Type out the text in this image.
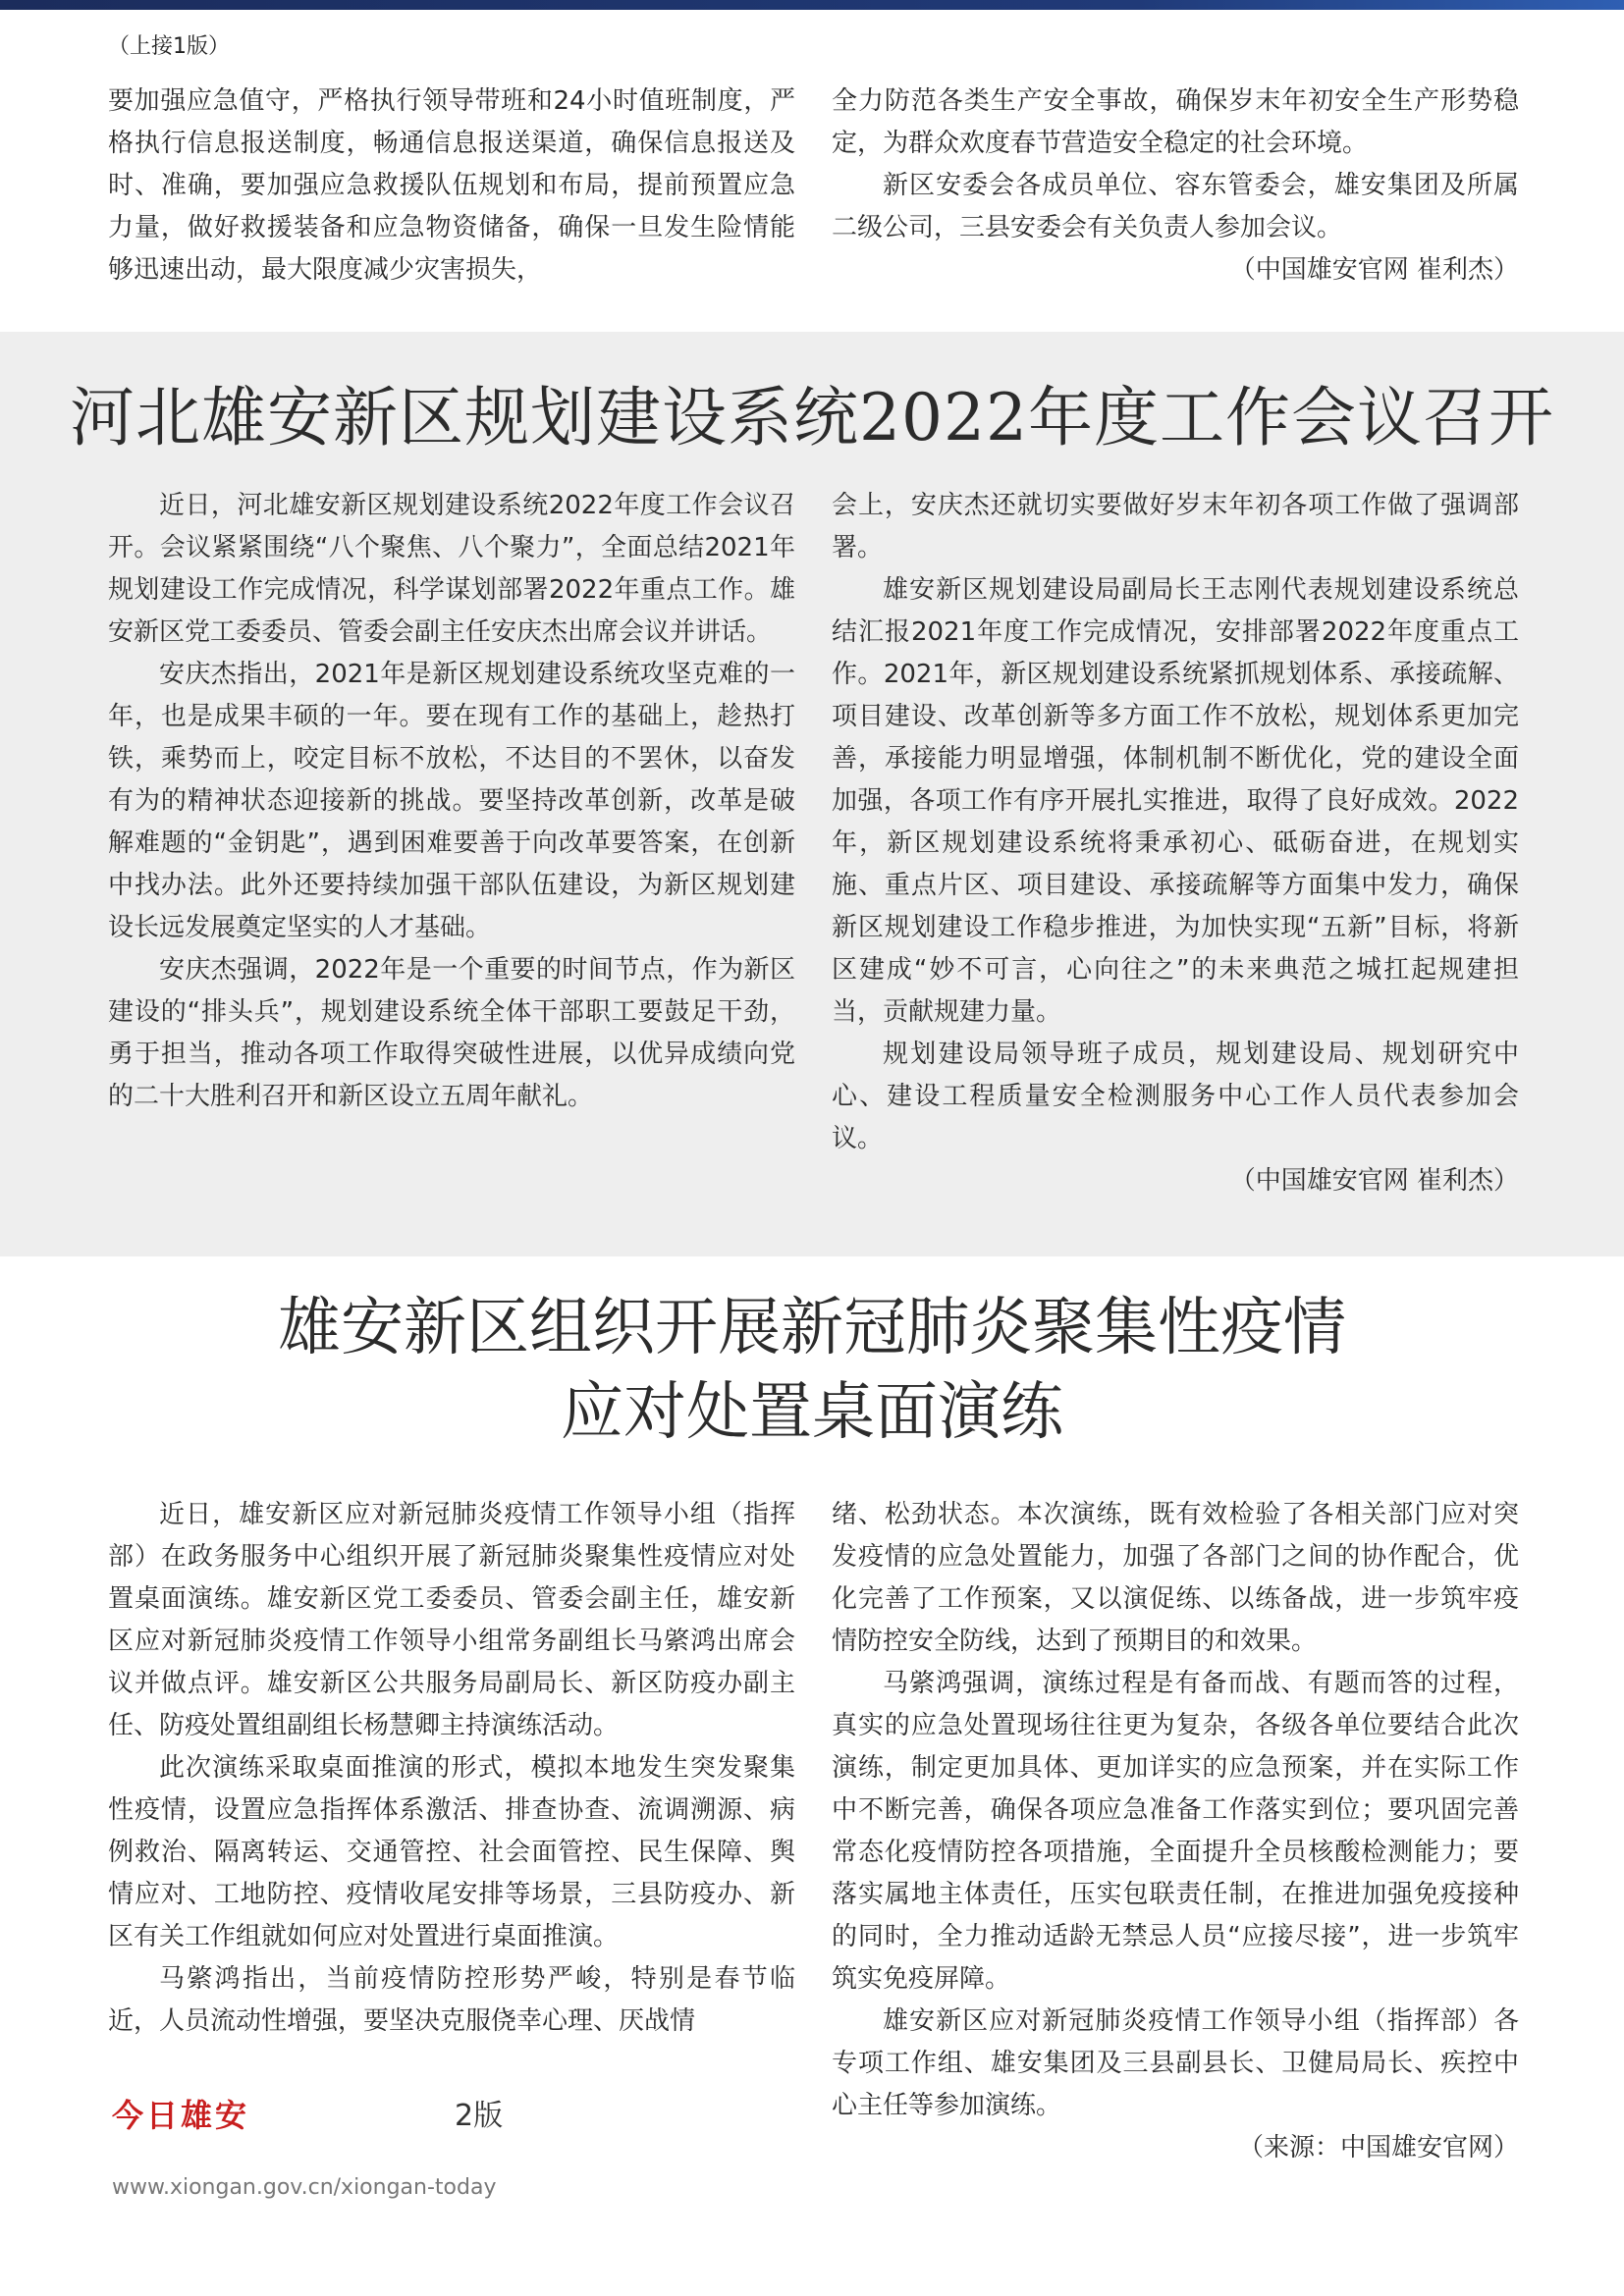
（上接1版）

要加强应急值守，严格执行领导带班和24小时值班制度，严格执行信息报送制度，畅通信息报送渠道，确保信息报送及时、准确，要加强应急救援队伍规划和布局，提前预置应急力量，做好救援装备和应急物资储备，确保一旦发生险情能够迅速出动，最大限度减少灾害损失，

全力防范各类生产安全事故，确保岁末年初安全生产形势稳定，为群众欢度春节营造安全稳定的社会环境。

新区安委会各成员单位、容东管委会，雄安集团及所属二级公司，三县安委会有关负责人参加会议。

（中国雄安官网 崔利杰）
河北雄安新区规划建设系统2022年度工作会议召开

近日，河北雄安新区规划建设系统2022年度工作会议召开。会议紧紧围绕“八个聚焦、八个聚力”，全面总结2021年规划建设工作完成情况，科学谋划部署2022年重点工作。雄安新区党工委委员、管委会副主任安庆杰出席会议并讲话。

安庆杰指出，2021年是新区规划建设系统攻坚克难的一年，也是成果丰硕的一年。要在现有工作的基础上，趁热打铁，乘势而上，咬定目标不放松，不达目的不罢休，以奋发有为的精神状态迎接新的挑战。要坚持改革创新，改革是破解难题的“金钥匙”，遇到困难要善于向改革要答案，在创新中找办法。此外还要持续加强干部队伍建设，为新区规划建设长远发展奠定坚实的人才基础。

安庆杰强调，2022年是一个重要的时间节点，作为新区建设的“排头兵”，规划建设系统全体干部职工要鼓足干劲，勇于担当，推动各项工作取得突破性进展，以优异成绩向党的二十大胜利召开和新区设立五周年献礼。

会上，安庆杰还就切实要做好岁末年初各项工作做了强调部署。

雄安新区规划建设局副局长王志刚代表规划建设系统总结汇报2021年度工作完成情况，安排部署2022年度重点工作。2021年，新区规划建设系统紧抓规划体系、承接疏解、项目建设、改革创新等多方面工作不放松，规划体系更加完善，承接能力明显增强，体制机制不断优化，党的建设全面加强，各项工作有序开展扎实推进，取得了良好成效。2022年，新区规划建设系统将秉承初心、砥砺奋进，在规划实施、重点片区、项目建设、承接疏解等方面集中发力，确保新区规划建设工作稳步推进，为加快实现“五新”目标，将新区建成“妙不可言，心向往之”的未来典范之城扛起规建担当，贡献规建力量。

规划建设局领导班子成员，规划建设局、规划研究中心、建设工程质量安全检测服务中心工作人员代表参加会议。

（中国雄安官网 崔利杰）
雄安新区组织开展新冠肺炎聚集性疫情
应对处置桌面演练

近日，雄安新区应对新冠肺炎疫情工作领导小组（指挥部）在政务服务中心组织开展了新冠肺炎聚集性疫情应对处置桌面演练。雄安新区党工委委员、管委会副主任，雄安新区应对新冠肺炎疫情工作领导小组常务副组长马綮鸿出席会议并做点评。雄安新区公共服务局副局长、新区防疫办副主任、防疫处置组副组长杨慧卿主持演练活动。

此次演练采取桌面推演的形式，模拟本地发生突发聚集性疫情，设置应急指挥体系激活、排查协查、流调溯源、病例救治、隔离转运、交通管控、社会面管控、民生保障、舆情应对、工地防控、疫情收尾安排等场景，三县防疫办、新区有关工作组就如何应对处置进行桌面推演。

马綮鸿指出，当前疫情防控形势严峻，特别是春节临近，人员流动性增强，要坚决克服侥幸心理、厌战情

绪、松劲状态。本次演练，既有效检验了各相关部门应对突发疫情的应急处置能力，加强了各部门之间的协作配合，优化完善了工作预案，又以演促练、以练备战，进一步筑牢疫情防控安全防线，达到了预期目的和效果。

马綮鸿强调，演练过程是有备而战、有题而答的过程，真实的应急处置现场往往更为复杂，各级各单位要结合此次演练，制定更加具体、更加详实的应急预案，并在实际工作中不断完善，确保各项应急准备工作落实到位；要巩固完善常态化疫情防控各项措施，全面提升全员核酸检测能力；要落实属地主体责任，压实包联责任制，在推进加强免疫接种的同时，全力推动适龄无禁忌人员“应接尽接”，进一步筑牢筑实免疫屏障。

雄安新区应对新冠肺炎疫情工作领导小组（指挥部）各专项工作组、雄安集团及三县副县长、卫健局局长、疾控中心主任等参加演练。

（来源：中国雄安官网）
今日雄安	2版
www.xiongan.gov.cn/xiongan-today
